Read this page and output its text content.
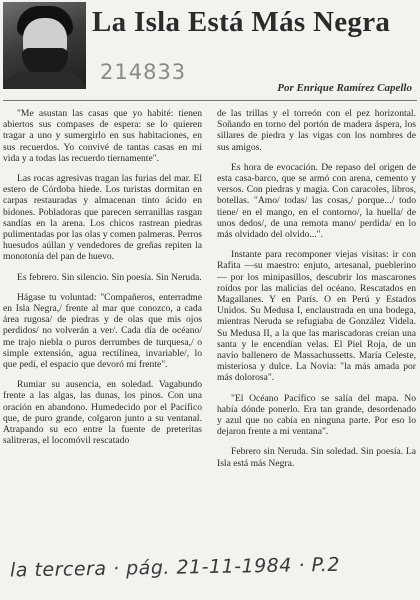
La Isla Está Más Negra
214833
Por Enrique Ramírez Capello

"Me asustan las casas que yo habité: tienen abiertos sus compases de espera: se lo quieren tragar a uno y sumergirlo en sus habitaciones, en sus recuerdos. Yo convivé de tantas casas en mi vida y a todas las recuerdo tiernamente".

Las rocas agresivas tragan las furias del mar. El estero de Córdoba hiede. Los turistas dormitan en carpas restauradas y almacenan tinto ácido en bidones. Pobladoras que parecen serranillas rasgan sandías en la arena. Los chicos rastrean piedras pulimentadas por las olas y comen palmeras. Perros huesudos aúllan y vendedores de greñas repiten la monotonía del pan de huevo.

Es febrero. Sin silencio. Sin poesía. Sin Neruda.

Hágase tu voluntad: "Compañeros, enterradme en Isla Negra,/ frente al mar que conozco, a cada área rugosa/ de piedras y de olas que mis ojos perdidos/ no volverán a ver/. Cada día de océano/ me trajo niebla o puros derrumbes de turquesa,/ o simple extensión, agua rectilínea, invariable/, lo que pedí, el espacio que devoró mi frente".

Rumiar su ausencia, en soledad. Vagabundo frente a las algas, las dunas, los pinos. Con una oración en abandono. Humedecido por el Pacífico que, de puro grande, colgaron junto a su ventanal. Atrapando su eco entre la fuente de preteritas salitreras, el locomóvil rescatado

de las trillas y el torreón con el pez horizontal. Soñando en torno del portón de madera áspera, los sillares de piedra y las vigas con los nombres de sus amigos.

Es hora de evocación. De repaso del origen de esta casa-barco, que se armó con arena, cemento y versos. Con piedras y magia. Con caracoles, libros, botellas. "Amo/ todas/ las cosas,/ porque.../ todo tiene/ en el mango, en el contorno/, la huella/ de unos dedos/, de una remota mano/ perdida/ en lo más olvidado del olvido...".

Instante para recomponer viejas visitas: ir con Rafita —su maestro: enjuto, artesanal, pueblerino— por los minipasillos, descubrir los mascarones roídos por las malicias del océano. Rescatados en Magallanes. Y en París. O en Perú y Estados Unidos. Su Medusa I, enclaustrada en una bodega, mientras Neruda se refugiaba de González Videla. Su Medusa II, a la que las mariscadoras creían una santa y le encendían velas. El Piel Roja, de un navío ballenero de Massachussetts. María Celeste, misteriosa y dulce. La Novia: "la más amada por más dolorosa".

"El Océano Pacífico se salía del mapa. No había dónde ponerlo. Era tan grande, desordenado y azul que no cabía en ninguna parte. Por eso lo dejaron frente a mi ventana".

Febrero sin Neruda. Sin soledad. Sin poesía. La Isla está más Negra.

la tercera · pág. 21-11-1984 · P.2
